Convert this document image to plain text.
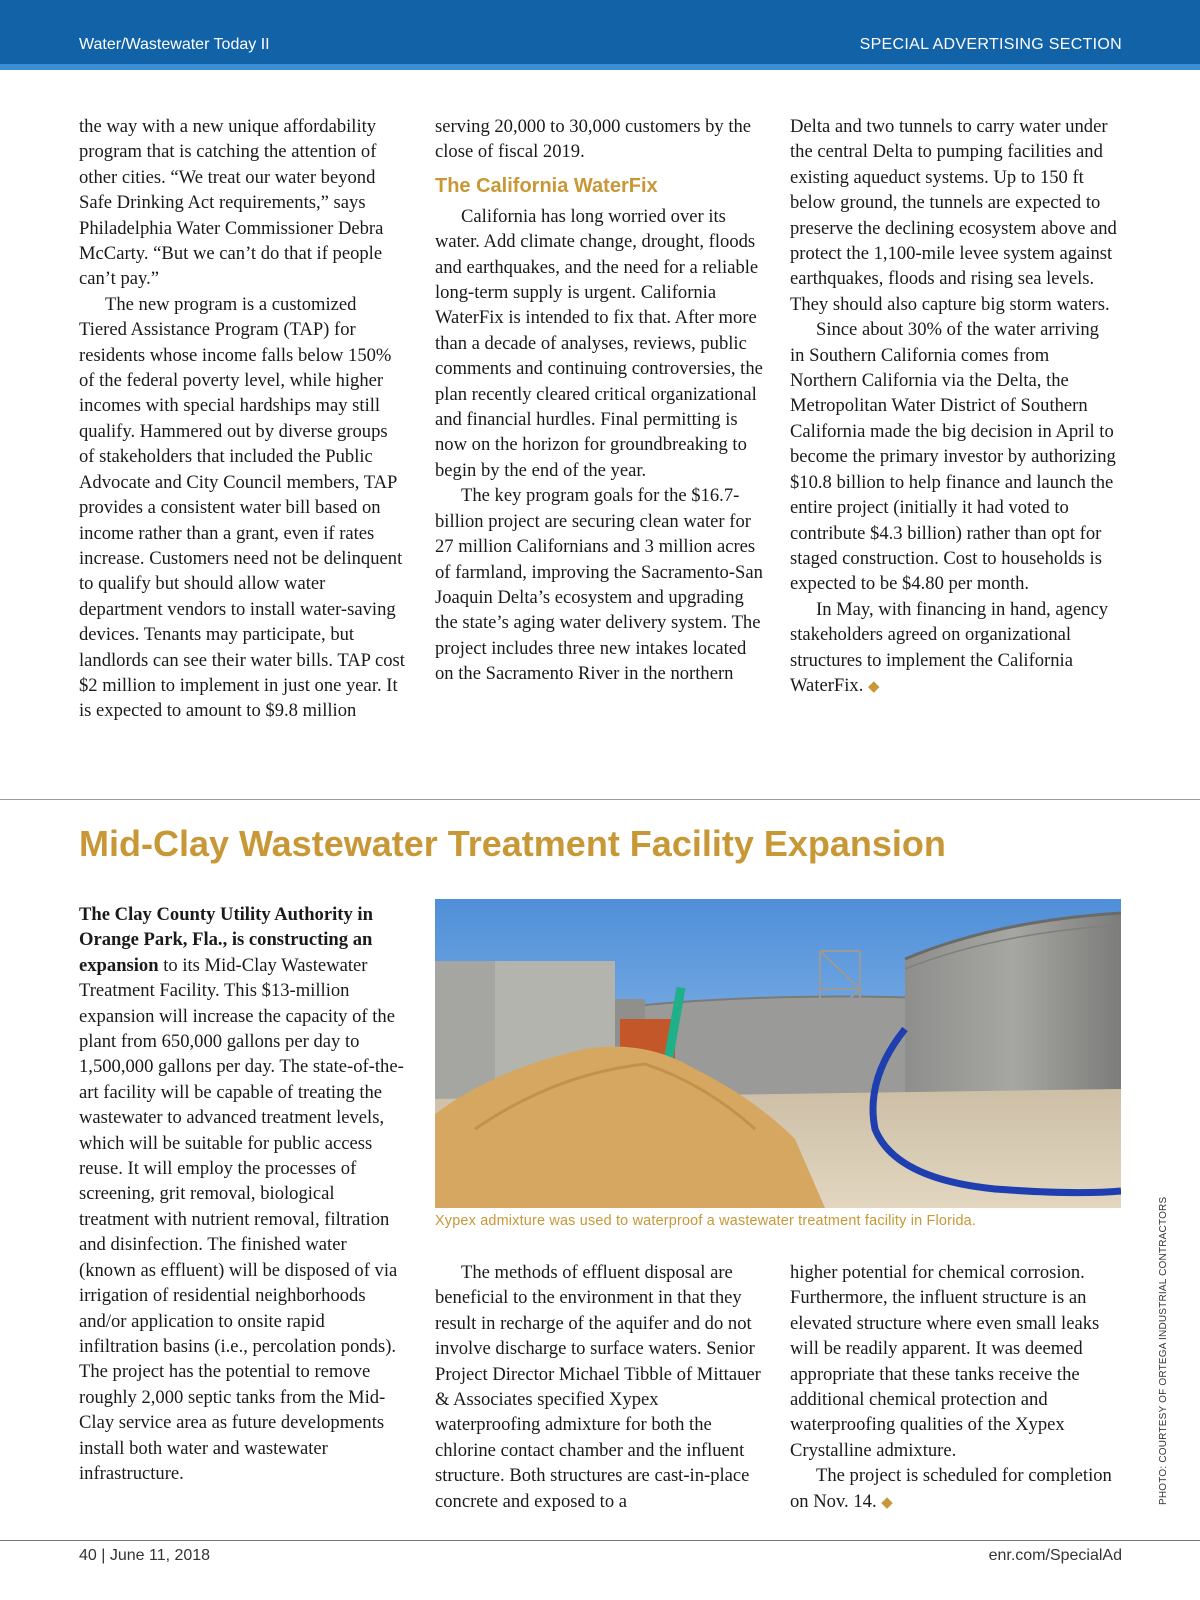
Water/Wastewater Today II	SPECIAL ADVERTISING SECTION

the way with a new unique affordability program that is catching the attention of other cities. “We treat our water beyond Safe Drinking Act requirements,” says Philadelphia Water Commissioner Debra McCarty. “But we can’t do that if people can’t pay.”

The new program is a customized Tiered Assistance Program (TAP) for residents whose income falls below 150% of the federal poverty level, while higher incomes with special hardships may still qualify. Hammered out by diverse groups of stakeholders that included the Public Advocate and City Council members, TAP provides a consistent water bill based on income rather than a grant, even if rates increase. Customers need not be delinquent to qualify but should allow water department vendors to install water-saving devices. Tenants may participate, but landlords can see their water bills. TAP cost $2 million to implement in just one year. It is expected to amount to $9.8 million

serving 20,000 to 30,000 customers by the close of fiscal 2019.

The California WaterFix

California has long worried over its water. Add climate change, drought, floods and earthquakes, and the need for a reliable long-term supply is urgent. California WaterFix is intended to fix that. After more than a decade of analyses, reviews, public comments and continuing controversies, the plan recently cleared critical organizational and financial hurdles. Final permitting is now on the horizon for groundbreaking to begin by the end of the year.

The key program goals for the $16.7-billion project are securing clean water for 27 million Californians and 3 million acres of farmland, improving the Sacramento-San Joaquin Delta’s ecosystem and upgrading the state’s aging water delivery system. The project includes three new intakes located on the Sacramento River in the northern

Delta and two tunnels to carry water under the central Delta to pumping facilities and existing aqueduct systems. Up to 150 ft below ground, the tunnels are expected to preserve the declining ecosystem above and protect the 1,100-mile levee system against earthquakes, floods and rising sea levels. They should also capture big storm waters.

Since about 30% of the water arriving in Southern California comes from Northern California via the Delta, the Metropolitan Water District of Southern California made the big decision in April to become the primary investor by authorizing $10.8 billion to help finance and launch the entire project (initially it had voted to contribute $4.3 billion) rather than opt for staged construction. Cost to households is expected to be $4.80 per month.

In May, with financing in hand, agency stakeholders agreed on organizational structures to implement the California WaterFix. ◆

Mid-Clay Wastewater Treatment Facility Expansion

The Clay County Utility Authority in Orange Park, Fla., is constructing an expansion to its Mid-Clay Wastewater Treatment Facility. This $13-million expansion will increase the capacity of the plant from 650,000 gallons per day to 1,500,000 gallons per day. The state-of-the-art facility will be capable of treating the wastewater to advanced treatment levels, which will be suitable for public access reuse. It will employ the processes of screening, grit removal, biological treatment with nutrient removal, filtration and disinfection. The finished water (known as effluent) will be disposed of via irrigation of residential neighborhoods and/or application to onsite rapid infiltration basins (i.e., percolation ponds). The project has the potential to remove roughly 2,000 septic tanks from the Mid-Clay service area as future developments install both water and wastewater infrastructure.

Xypex admixture was used to waterproof a wastewater treatment facility in Florida.

The methods of effluent disposal are beneficial to the environment in that they result in recharge of the aquifer and do not involve discharge to surface waters. Senior Project Director Michael Tibble of Mittauer & Associates specified Xypex waterproofing admixture for both the chlorine contact chamber and the influent structure. Both structures are cast-in-place concrete and exposed to a

higher potential for chemical corrosion. Furthermore, the influent structure is an elevated structure where even small leaks will be readily apparent. It was deemed appropriate that these tanks receive the additional chemical protection and waterproofing qualities of the Xypex Crystalline admixture.

The project is scheduled for completion on Nov. 14. ◆	PHOTO: COURTESY OF ORTEGA INDUSTRIAL CONTRACTORS
40 | June 11, 2018	enr.com/SpecialAd
